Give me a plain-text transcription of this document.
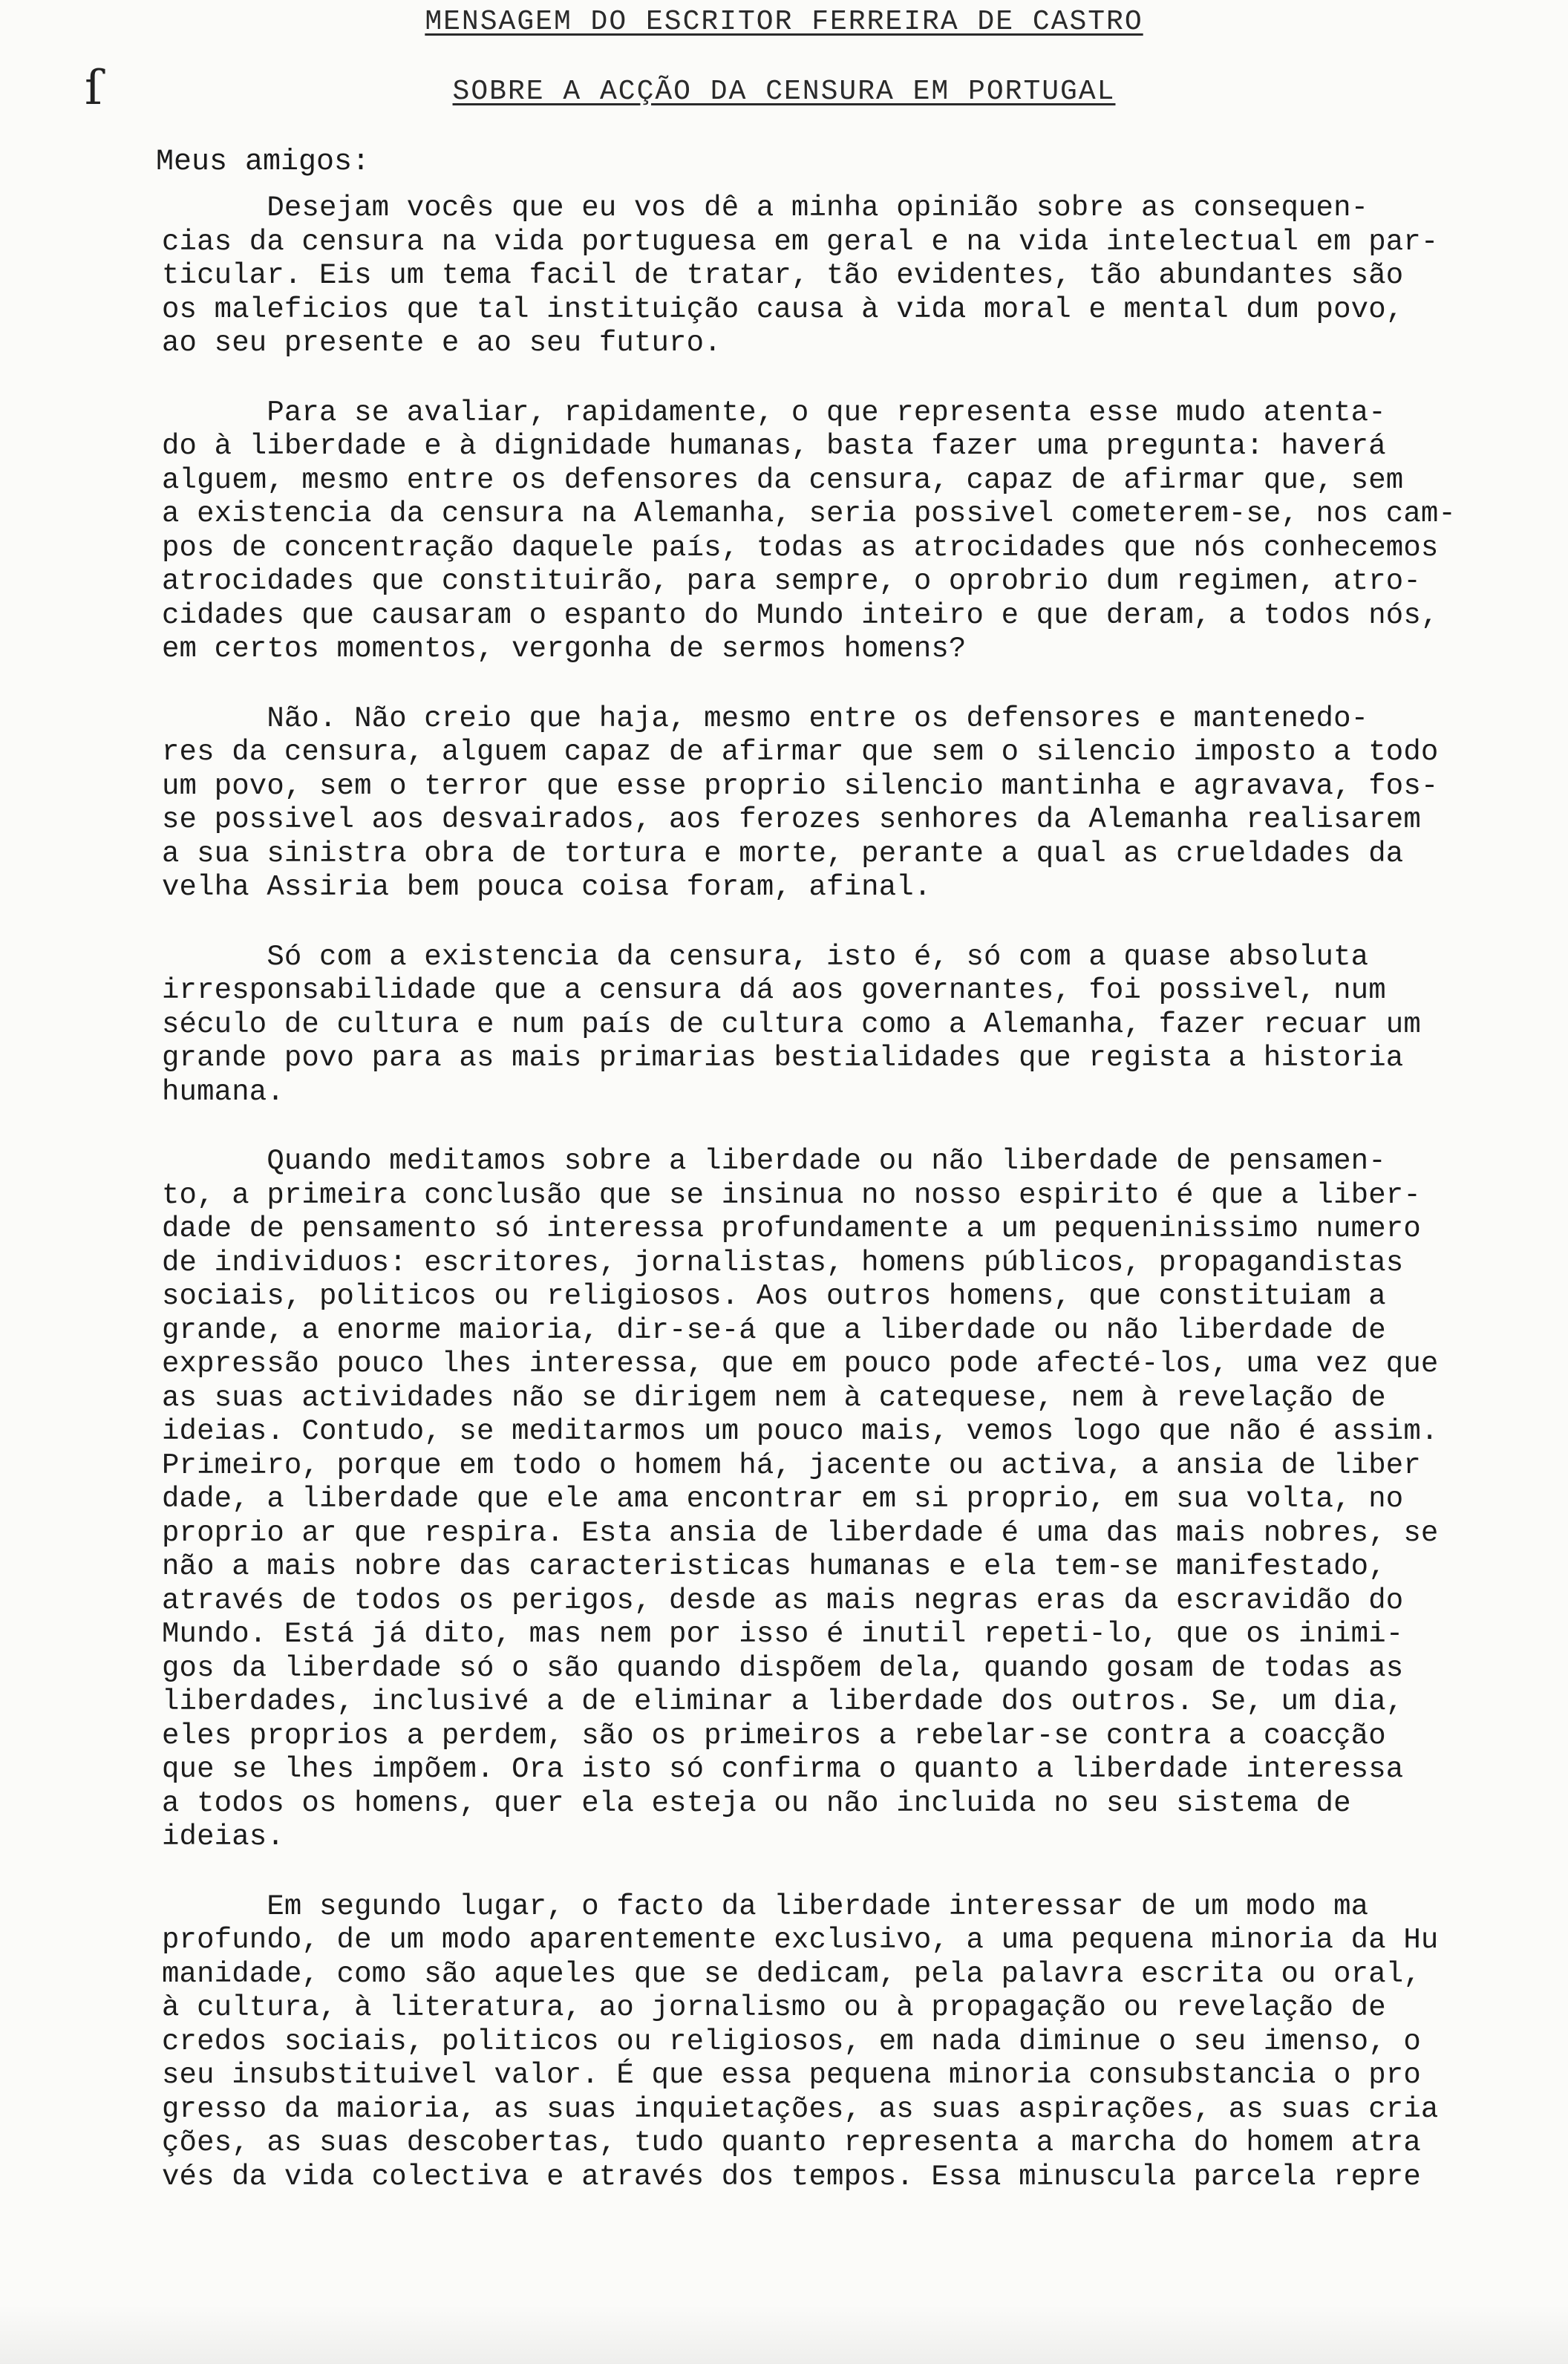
MENSAGEM DO ESCRITOR FERREIRA DE CASTRO
SOBRE A ACÇÃO DA CENSURA EM PORTUGAL
ſ
Meus amigos:
Desejam vocês que eu vos dê a minha opinião sobre as consequen-
cias da censura na vida portuguesa em geral e na vida intelectual em par-
ticular. Eis um tema facil de tratar, tão evidentes, tão abundantes são
os maleficios que tal instituição causa à vida moral e mental dum povo,
ao seu presente e ao seu futuro.
Para se avaliar, rapidamente, o que representa esse mudo atenta-
do à liberdade e à dignidade humanas, basta fazer uma pregunta: haverá
alguem, mesmo entre os defensores da censura, capaz de afirmar que, sem
a existencia da censura na Alemanha, seria possivel cometerem-se, nos cam-
pos de concentração daquele país, todas as atrocidades que nós conhecemos
atrocidades que constituirão, para sempre, o oprobrio dum regimen, atro-
cidades que causaram o espanto do Mundo inteiro e que deram, a todos nós,
em certos momentos, vergonha de sermos homens?
Não. Não creio que haja, mesmo entre os defensores e mantenedo-
res da censura, alguem capaz de afirmar que sem o silencio imposto a todo
um povo, sem o terror que esse proprio silencio mantinha e agravava, fos-
se possivel aos desvairados, aos ferozes senhores da Alemanha realisarem
a sua sinistra obra de tortura e morte, perante a qual as crueldades da
velha Assiria bem pouca coisa foram, afinal.
Só com a existencia da censura, isto é, só com a quase absoluta
irresponsabilidade que a censura dá aos governantes, foi possivel, num
século de cultura e num país de cultura como a Alemanha, fazer recuar um
grande povo para as mais primarias bestialidades que regista a historia
humana.
Quando meditamos sobre a liberdade ou não liberdade de pensamen-
to, a primeira conclusão que se insinua no nosso espirito é que a liber-
dade de pensamento só interessa profundamente a um pequeninissimo numero
de individuos: escritores, jornalistas, homens públicos, propagandistas
sociais, politicos ou religiosos. Aos outros homens, que constituiam a
grande, a enorme maioria, dir-se-á que a liberdade ou não liberdade de
expressão pouco lhes interessa, que em pouco pode afecté-los, uma vez que
as suas actividades não se dirigem nem à catequese, nem à revelação de
ideias. Contudo, se meditarmos um pouco mais, vemos logo que não é assim.
Primeiro, porque em todo o homem há, jacente ou activa, a ansia de liber
dade, a liberdade que ele ama encontrar em si proprio, em sua volta, no
proprio ar que respira. Esta ansia de liberdade é uma das mais nobres, se
não a mais nobre das caracteristicas humanas e ela tem-se manifestado,
através de todos os perigos, desde as mais negras eras da escravidão do
Mundo. Está já dito, mas nem por isso é inutil repeti-lo, que os inimi-
gos da liberdade só o são quando dispõem dela, quando gosam de todas as
liberdades, inclusivé a de eliminar a liberdade dos outros. Se, um dia,
eles proprios a perdem, são os primeiros a rebelar-se contra a coacção
que se lhes impõem. Ora isto só confirma o quanto a liberdade interessa
a todos os homens, quer ela esteja ou não incluida no seu sistema de
ideias.
Em segundo lugar, o facto da liberdade interessar de um modo ma
profundo, de um modo aparentemente exclusivo, a uma pequena minoria da Hu
manidade, como são aqueles que se dedicam, pela palavra escrita ou oral,
à cultura, à literatura, ao jornalismo ou à propagação ou revelação de
credos sociais, politicos ou religiosos, em nada diminue o seu imenso, o
seu insubstituivel valor. É que essa pequena minoria consubstancia o pro
gresso da maioria, as suas inquietações, as suas aspirações, as suas cria
ções, as suas descobertas, tudo quanto representa a marcha do homem atra
vés da vida colectiva e através dos tempos. Essa minuscula parcela repre
